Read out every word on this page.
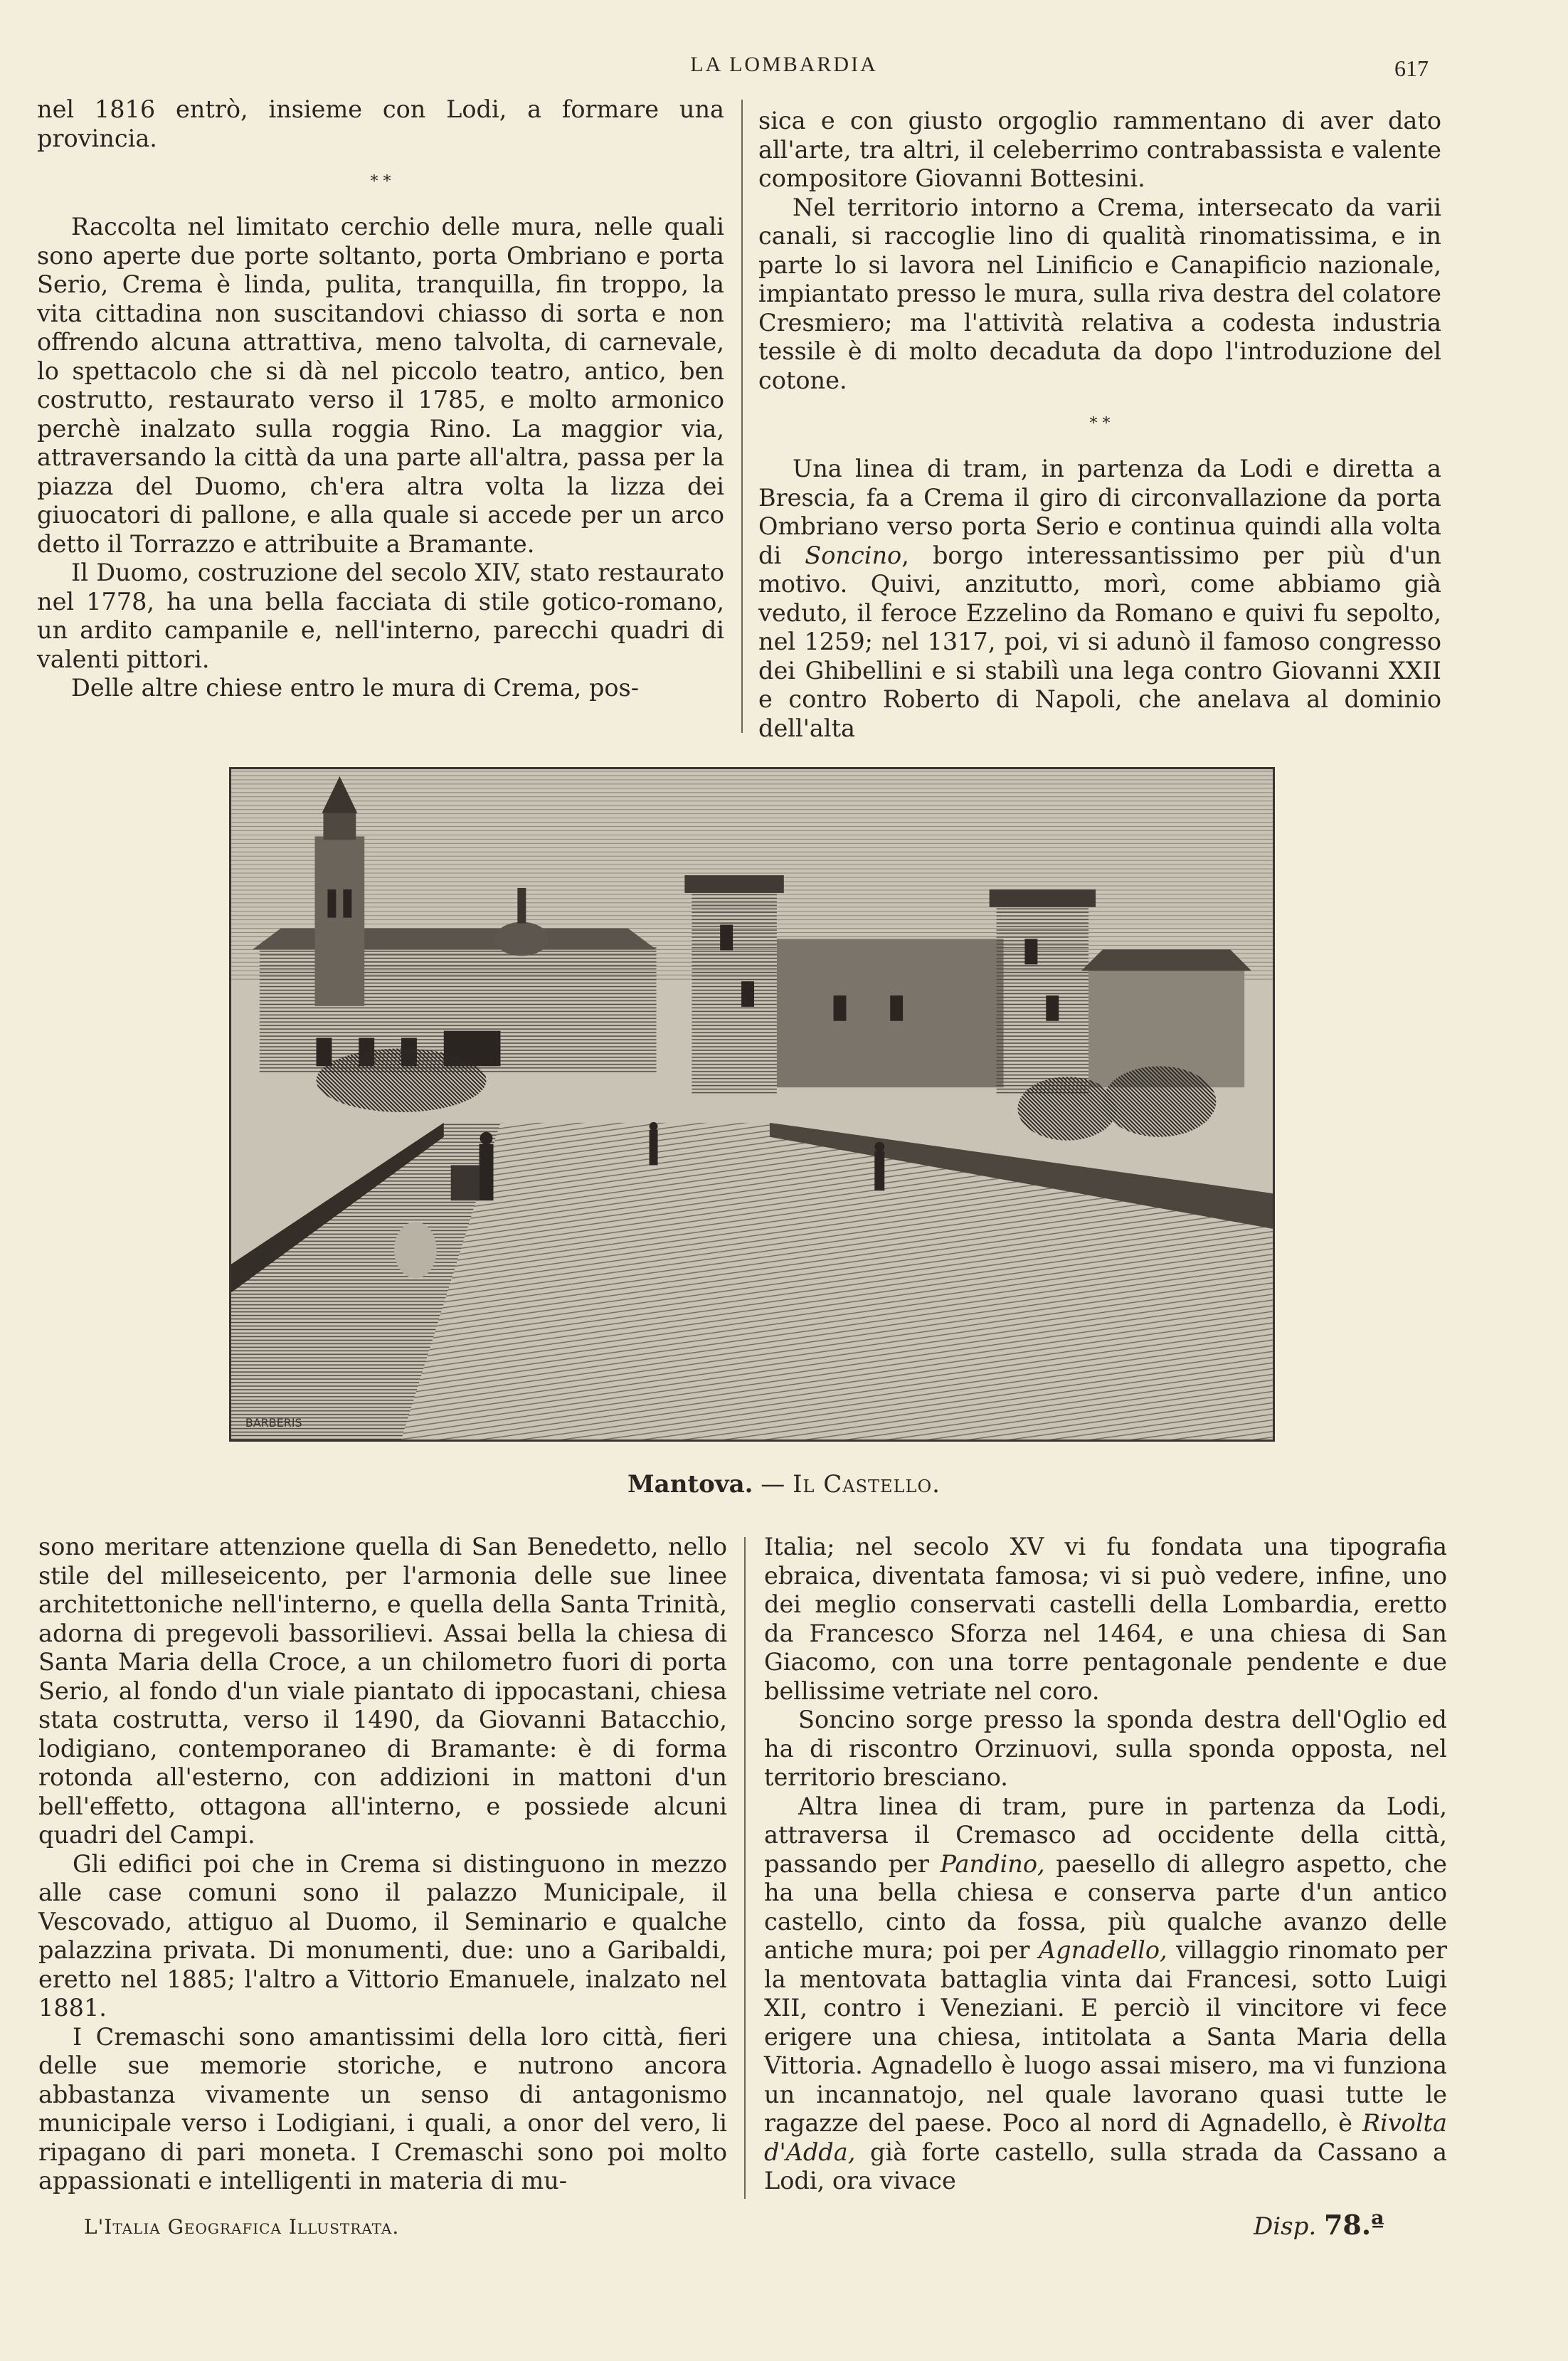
LA LOMBARDIA	617

nel 1816 entrò, insieme con Lodi, a formare una provincia.

* *

Raccolta nel limitato cerchio delle mura, nelle quali sono aperte due porte soltanto, porta Ombriano e porta Serio, Crema è linda, pulita, tranquilla, fin troppo, la vita cittadina non suscitandovi chiasso di sorta e non offrendo alcuna attrattiva, meno talvolta, di carnevale, lo spettacolo che si dà nel piccolo teatro, antico, ben costrutto, restaurato verso il 1785, e molto armonico perchè inalzato sulla roggia Rino. La maggior via, attraversando la città da una parte all'altra, passa per la piazza del Duomo, ch'era altra volta la lizza dei giuocatori di pallone, e alla quale si accede per un arco detto il Torrazzo e attribuite a Bramante.

Il Duomo, costruzione del secolo XIV, stato restaurato nel 1778, ha una bella facciata di stile gotico-romano, un ardito campanile e, nell'interno, parecchi quadri di valenti pittori.

Delle altre chiese entro le mura di Crema, pos-

sica e con giusto orgoglio rammentano di aver dato all'arte, tra altri, il celeberrimo contrabassista e valente compositore Giovanni Bottesini.

Nel territorio intorno a Crema, intersecato da varii canali, si raccoglie lino di qualità rinomatissima, e in parte lo si lavora nel Linificio e Canapificio nazionale, impiantato presso le mura, sulla riva destra del colatore Cresmiero; ma l'attività relativa a codesta industria tessile è di molto decaduta da dopo l'introduzione del cotone.

* *

Una linea di tram, in partenza da Lodi e diretta a Brescia, fa a Crema il giro di circonvallazione da porta Ombriano verso porta Serio e continua quindi alla volta di Soncino, borgo interessantissimo per più d'un motivo. Quivi, anzitutto, morì, come abbiamo già veduto, il feroce Ezzelino da Romano e quivi fu sepolto, nel 1259; nel 1317, poi, vi si adunò il famoso congresso dei Ghibellini e si stabilì una lega contro Giovanni XXII e contro Roberto di Napoli, che anelava al dominio dell'alta

BARBERIS
Mantova. — Il Castello.

sono meritare attenzione quella di San Benedetto, nello stile del milleseicento, per l'armonia delle sue linee architettoniche nell'interno, e quella della Santa Trinità, adorna di pregevoli bassorilievi. Assai bella la chiesa di Santa Maria della Croce, a un chilometro fuori di porta Serio, al fondo d'un viale piantato di ippocastani, chiesa stata costrutta, verso il 1490, da Giovanni Batacchio, lodigiano, contemporaneo di Bramante: è di forma rotonda all'esterno, con addizioni in mattoni d'un bell'effetto, ottagona all'interno, e possiede alcuni quadri del Campi.

Gli edifici poi che in Crema si distinguono in mezzo alle case comuni sono il palazzo Municipale, il Vescovado, attiguo al Duomo, il Seminario e qualche palazzina privata. Di monumenti, due: uno a Garibaldi, eretto nel 1885; l'altro a Vittorio Emanuele, inalzato nel 1881.

I Cremaschi sono amantissimi della loro città, fieri delle sue memorie storiche, e nutrono ancora abbastanza vivamente un senso di antagonismo municipale verso i Lodigiani, i quali, a onor del vero, li ripagano di pari moneta. I Cremaschi sono poi molto appassionati e intelligenti in materia di mu-

Italia; nel secolo XV vi fu fondata una tipografia ebraica, diventata famosa; vi si può vedere, infine, uno dei meglio conservati castelli della Lombardia, eretto da Francesco Sforza nel 1464, e una chiesa di San Giacomo, con una torre pentagonale pendente e due bellissime vetriate nel coro.

Soncino sorge presso la sponda destra dell'Oglio ed ha di riscontro Orzinuovi, sulla sponda opposta, nel territorio bresciano.

Altra linea di tram, pure in partenza da Lodi, attraversa il Cremasco ad occidente della città, passando per Pandino, paesello di allegro aspetto, che ha una bella chiesa e conserva parte d'un antico castello, cinto da fossa, più qualche avanzo delle antiche mura; poi per Agnadello, villaggio rinomato per la mentovata battaglia vinta dai Francesi, sotto Luigi XII, contro i Veneziani. E perciò il vincitore vi fece erigere una chiesa, intitolata a Santa Maria della Vittoria. Agnadello è luogo assai misero, ma vi funziona un incannatojo, nel quale lavorano quasi tutte le ragazze del paese. Poco al nord di Agnadello, è Rivolta d'Adda, già forte castello, sulla strada da Cassano a Lodi, ora vivace

L'Italia Geografica Illustrata.	Disp. 78.ª
